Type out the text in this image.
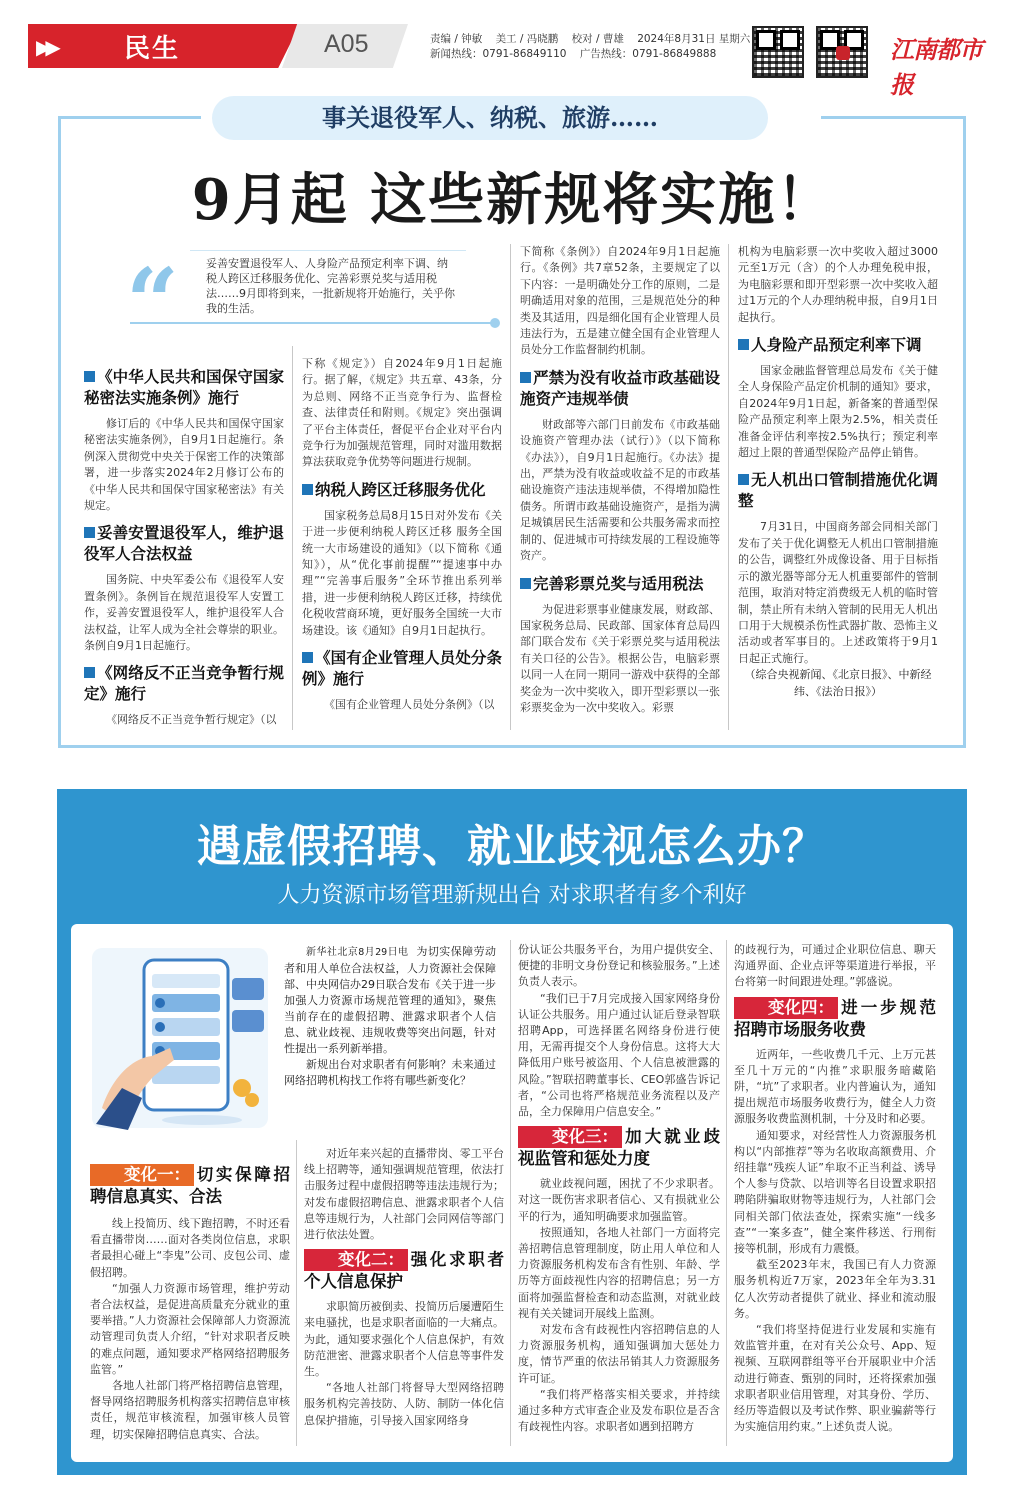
▶▶	民生	A05	责编 / 钟敏 美工 / 冯晓鹏 校对 / 曹雄 2024年8月31日 星期六
新闻热线：0791-86849110 广告热线：0791-86849888	江南都市报
事关退役军人、纳税、旅游……
9月起 这些新规将实施！
“ 妥善安置退役军人、人身险产品预定利率下调、纳税人跨区迁移服务优化、完善彩票兑奖与适用税法……9月即将到来，一批新规将开始施行，关乎你我的生活。
《中华人民共和国保守国家秘密法实施条例》施行

修订后的《中华人民共和国保守国家秘密法实施条例》，自9月1日起施行。条例深入贯彻党中央关于保密工作的决策部署，进一步落实2024年2月修订公布的《中华人民共和国保守国家秘密法》有关规定。

妥善安置退役军人，维护退役军人合法权益

国务院、中央军委公布《退役军人安置条例》。条例旨在规范退役军人安置工作，妥善安置退役军人，维护退役军人合法权益，让军人成为全社会尊崇的职业。条例自9月1日起施行。

《网络反不正当竞争暂行规定》施行

《网络反不正当竞争暂行规定》（以

下称《规定》）自2024年9月1日起施行。据了解，《规定》共五章、43条，分为总则、网络不正当竞争行为、监督检查、法律责任和附则。《规定》突出强调了平台主体责任，督促平台企业对平台内竞争行为加强规范管理，同时对滥用数据算法获取竞争优势等问题进行规制。

纳税人跨区迁移服务优化

国家税务总局8月15日对外发布《关于进一步便利纳税人跨区迁移 服务全国统一大市场建设的通知》（以下简称《通知》），从“优化事前提醒”“提速事中办理”“完善事后服务”全环节推出系列举措，进一步便利纳税人跨区迁移，持续优化税收营商环境，更好服务全国统一大市场建设。该《通知》自9月1日起执行。

《国有企业管理人员处分条例》施行

《国有企业管理人员处分条例》（以

下简称《条例》）自2024年9月1日起施行。《条例》共7章52条，主要规定了以下内容：一是明确处分工作的原则，二是明确适用对象的范围，三是规范处分的种类及其适用，四是细化国有企业管理人员违法行为，五是建立健全国有企业管理人员处分工作监督制约机制。

严禁为没有收益市政基础设施资产违规举债

财政部等六部门日前发布《市政基础设施资产管理办法（试行）》（以下简称《办法》），自9月1日起施行。《办法》提出，严禁为没有收益或收益不足的市政基础设施资产违法违规举债，不得增加隐性债务。所谓市政基础设施资产，是指为满足城镇居民生活需要和公共服务需求而控制的、促进城市可持续发展的工程设施等资产。

完善彩票兑奖与适用税法

为促进彩票事业健康发展，财政部、国家税务总局、民政部、国家体育总局四部门联合发布《关于彩票兑奖与适用税法有关口径的公告》。根据公告，电脑彩票以同一人在同一期同一游戏中获得的全部奖金为一次中奖收入，即开型彩票以一张彩票奖金为一次中奖收入。彩票

机构为电脑彩票一次中奖收入超过3000元至1万元（含）的个人办理免税申报，为电脑彩票和即开型彩票一次中奖收入超过1万元的个人办理纳税申报，自9月1日起执行。

人身险产品预定利率下调

国家金融监督管理总局发布《关于健全人身保险产品定价机制的通知》要求，自2024年9月1日起，新备案的普通型保险产品预定利率上限为2.5%，相关责任准备金评估利率按2.5%执行；预定利率超过上限的普通型保险产品停止销售。

无人机出口管制措施优化调整

7月31日，中国商务部会同相关部门发布了关于优化调整无人机出口管制措施的公告，调整红外成像设备、用于目标指示的激光器等部分无人机重要部件的管制范围，取消对特定消费级无人机的临时管制，禁止所有未纳入管制的民用无人机出口用于大规模杀伤性武器扩散、恐怖主义活动或者军事目的。上述政策将于9月1日起正式施行。

（综合央视新闻、《北京日报》、中新经纬、《法治日报》）

遇虚假招聘、就业歧视怎么办？
人力资源市场管理新规出台 对求职者有多个利好

新华社北京8月29日电 为切实保障劳动者和用人单位合法权益，人力资源社会保障部、中央网信办29日联合发布《关于进一步加强人力资源市场规范管理的通知》，聚焦当前存在的虚假招聘、泄露求职者个人信息、就业歧视、违规收费等突出问题，针对性提出一系列新举措。

新规出台对求职者有何影响？未来通过网络招聘机构找工作将有哪些新变化？

变化一： 切实保障招聘信息真实、合法

线上投简历、线下跑招聘，不时还看看直播带岗……面对各类岗位信息，求职者最担心碰上“李鬼”公司、皮包公司、虚假招聘。

“加强人力资源市场管理，维护劳动者合法权益，是促进高质量充分就业的重要举措。”人力资源社会保障部人力资源流动管理司负责人介绍，“针对求职者反映的难点问题，通知要求严格网络招聘服务监管。”

各地人社部门将严格招聘信息管理，督导网络招聘服务机构落实招聘信息审核责任，规范审核流程，加强审核人员管理，切实保障招聘信息真实、合法。

对近年来兴起的直播带岗、零工平台线上招聘等，通知强调规范管理，依法打击服务过程中虚假招聘等违法违规行为；对发布虚假招聘信息、泄露求职者个人信息等违规行为，人社部门会同网信等部门进行依法处置。

变化二： 强化求职者个人信息保护

求职简历被倒卖、投简历后屡遭陌生来电骚扰，也是求职者面临的一大痛点。为此，通知要求强化个人信息保护，有效防范泄密、泄露求职者个人信息等事件发生。

“各地人社部门将督导大型网络招聘服务机构完善技防、人防、制防一体化信息保护措施，引导接入国家网络身

份认证公共服务平台，为用户提供安全、便捷的非明文身份登记和核验服务。”上述负责人表示。

“我们已于7月完成接入国家网络身份认证公共服务。用户通过认证后登录智联招聘App，可选择匿名网络身份进行使用，无需再提交个人身份信息。这将大大降低用户账号被盗用、个人信息被泄露的风险。”智联招聘董事长、CEO郭盛告诉记者，“公司也将严格规范业务流程以及产品，全力保障用户信息安全。”

变化三： 加大就业歧视监管和惩处力度

就业歧视问题，困扰了不少求职者。对这一既伤害求职者信心、又有损就业公平的行为，通知明确要求加强监管。

按照通知，各地人社部门一方面将完善招聘信息管理制度，防止用人单位和人力资源服务机构发布含有性别、年龄、学历等方面歧视性内容的招聘信息；另一方面将加强监督检查和动态监测，对就业歧视有关关键词开展线上监测。

对发布含有歧视性内容招聘信息的人力资源服务机构，通知强调加大惩处力度，情节严重的依法吊销其人力资源服务许可证。

“我们将严格落实相关要求，并持续通过多种方式审查企业及发布职位是否含有歧视性内容。求职者如遇到招聘方

的歧视行为，可通过企业职位信息、聊天沟通界面、企业点评等渠道进行举报，平台将第一时间跟进处理。”郭盛说。

变化四： 进一步规范招聘市场服务收费

近两年，一些收费几千元、上万元甚至几十万元的“内推”求职服务暗藏陷阱，“坑”了求职者。业内普遍认为，通知提出规范市场服务收费行为，健全人力资源服务收费监测机制，十分及时和必要。

通知要求，对经营性人力资源服务机构以“内部推荐”等为名收取高额费用、介绍挂靠“残疾人证”牟取不正当利益、诱导个人参与贷款、以培训等名目设置求职招聘陷阱骗取财物等违规行为，人社部门会同相关部门依法查处，探索实施“一线多查”“一案多查”，健全案件移送、行刑衔接等机制，形成有力震慑。

截至2023年末，我国已有人力资源服务机构近7万家，2023年全年为3.31亿人次劳动者提供了就业、择业和流动服务。

“我们将坚持促进行业发展和实施有效监管并重，在对有关公众号、App、短视频、互联网群组等平台开展职业中介活动进行筛查、甄别的同时，还将探索加强求职者职业信用管理，对其身份、学历、经历等造假以及考试作弊、职业骗薪等行为实施信用约束。”上述负责人说。
